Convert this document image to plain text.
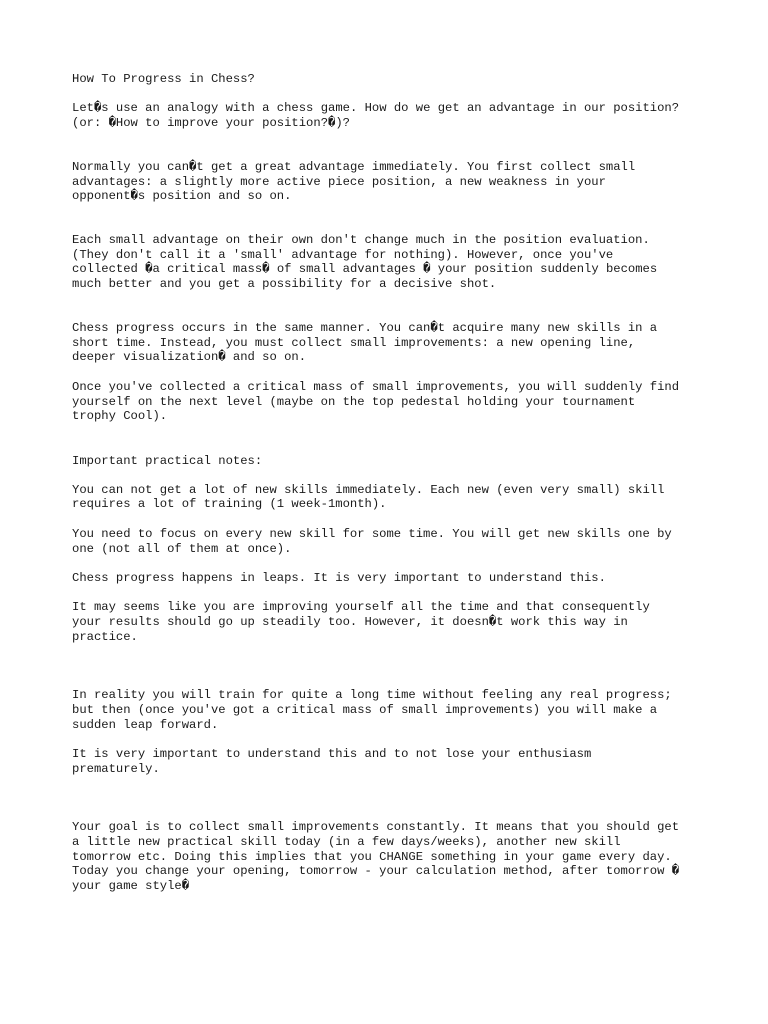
How To Progress in Chess?

Let�s use an analogy with a chess game. How do we get an advantage in our position?

(or: �How to improve your position?�)?

Normally you can�t get a great advantage immediately. You first collect small

advantages: a slightly more active piece position, a new weakness in your

opponent�s position and so on.

Each small advantage on their own don't change much in the position evaluation.

(They don't call it a 'small' advantage for nothing). However, once you've

collected �a critical mass� of small advantages � your position suddenly becomes

much better and you get a possibility for a decisive shot.

Chess progress occurs in the same manner. You can�t acquire many new skills in a

short time. Instead, you must collect small improvements: a new opening line,

deeper visualization� and so on.

Once you've collected a critical mass of small improvements, you will suddenly find

yourself on the next level (maybe on the top pedestal holding your tournament

trophy Cool).

Important practical notes:

You can not get a lot of new skills immediately. Each new (even very small) skill

requires a lot of training (1 week-1month).

You need to focus on every new skill for some time. You will get new skills one by

one (not all of them at once).

Chess progress happens in leaps. It is very important to understand this.

It may seems like you are improving yourself all the time and that consequently

your results should go up steadily too. However, it doesn�t work this way in

practice.

In reality you will train for quite a long time without feeling any real progress;

but then (once you've got a critical mass of small improvements) you will make a

sudden leap forward.

It is very important to understand this and to not lose your enthusiasm

prematurely.

Your goal is to collect small improvements constantly. It means that you should get

a little new practical skill today (in a few days/weeks), another new skill

tomorrow etc. Doing this implies that you CHANGE something in your game every day.

Today you change your opening, tomorrow - your calculation method, after tomorrow �

your game style�
